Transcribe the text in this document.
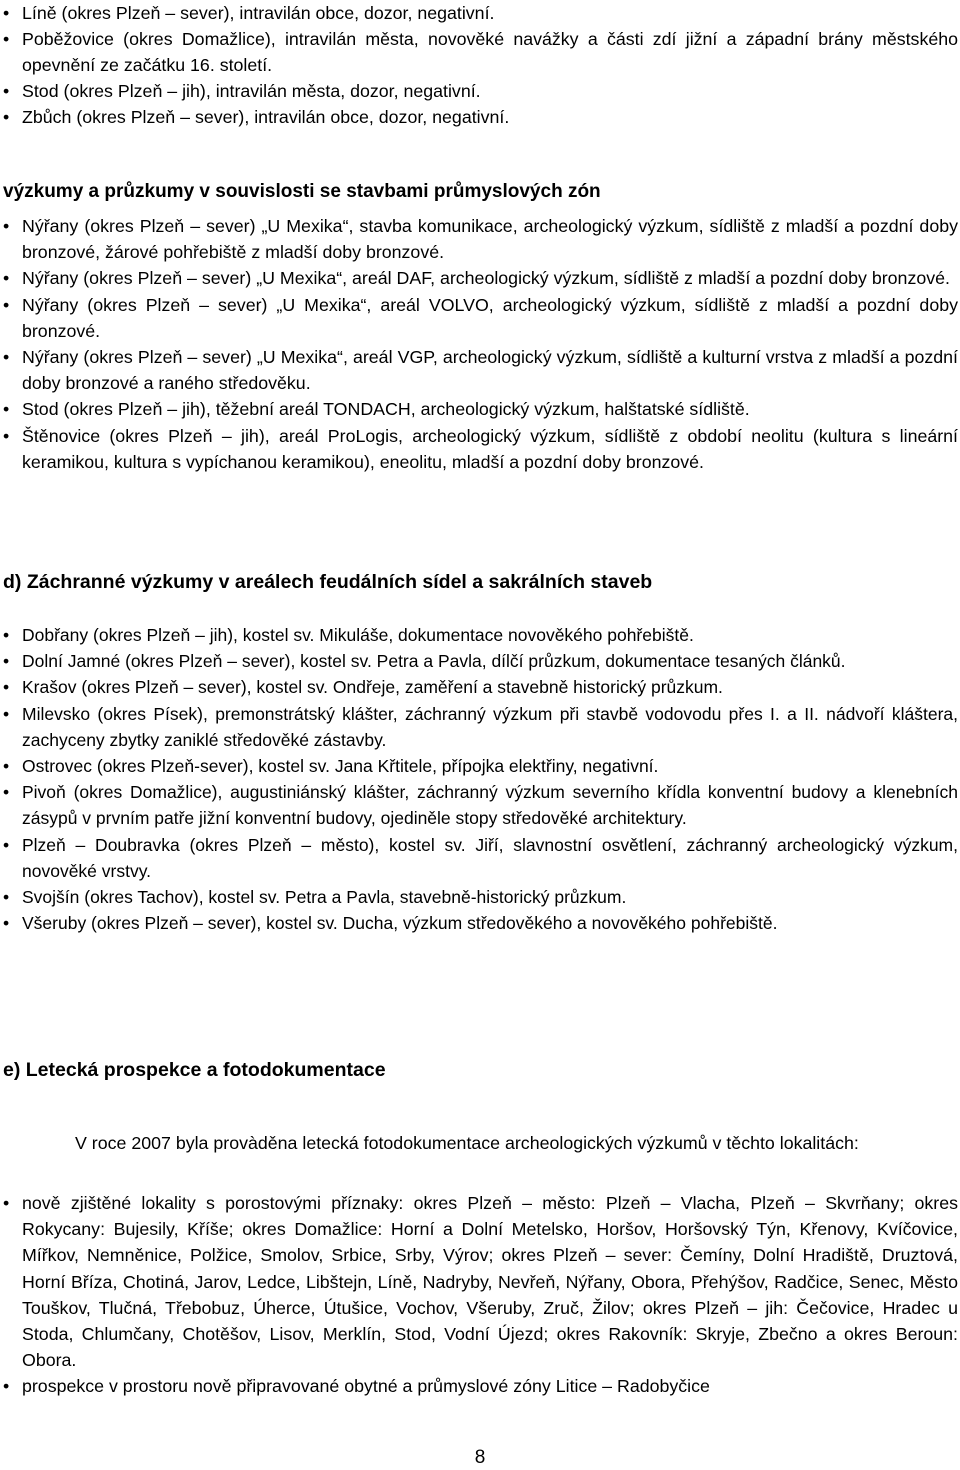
• Líně (okres Plzeň – sever), intravilán obce, dozor, negativní.
• Poběžovice (okres Domažlice), intravilán města, novověké navážky a části zdí jižní a západní brány městského opevnění ze začátku 16. století.
• Stod (okres Plzeň – jih), intravilán města, dozor, negativní.
• Zbůch (okres Plzeň – sever), intravilán obce, dozor, negativní.
výzkumy a průzkumy v souvislosti se stavbami průmyslových zón
• Nýřany (okres Plzeň – sever) „U Mexika“, stavba komunikace, archeologický výzkum, sídliště z mladší a pozdní doby bronzové, žárové pohřebiště z mladší doby bronzové.
• Nýřany (okres Plzeň – sever) „U Mexika“, areál DAF, archeologický výzkum, sídliště z mladší a pozdní doby bronzové.
• Nýřany (okres Plzeň – sever) „U Mexika“, areál VOLVO, archeologický výzkum, sídliště z mladší a pozdní doby bronzové.
• Nýřany (okres Plzeň – sever) „U Mexika“, areál VGP, archeologický výzkum, sídliště a kulturní vrstva z mladší a pozdní doby bronzové a raného středověku.
• Stod (okres Plzeň – jih), těžební areál TONDACH, archeologický výzkum, halštatské sídliště.
• Štěnovice (okres Plzeň – jih), areál ProLogis, archeologický výzkum, sídliště z období neolitu (kultura s lineární keramikou, kultura s vypíchanou keramikou), eneolitu, mladší a pozdní doby bronzové.
d) Záchranné výzkumy v areálech feudálních sídel a sakrálních staveb
• Dobřany (okres Plzeň – jih), kostel sv. Mikuláše, dokumentace novověkého pohřebiště.
• Dolní Jamné (okres Plzeň – sever), kostel sv. Petra a Pavla, dílčí průzkum, dokumentace tesaných článků.
• Krašov (okres Plzeň – sever), kostel sv. Ondřeje, zaměření a stavebně historický průzkum.
• Milevsko (okres Písek), premonstrátský klášter, záchranný výzkum při stavbě vodovodu přes I. a II. nádvoří kláštera, zachyceny zbytky zaniklé středověké zástavby.
• Ostrovec (okres Plzeň-sever), kostel sv. Jana Křtitele, přípojka elektřiny, negativní.
• Pivoň (okres Domažlice), augustiniánský klášter, záchranný výzkum severního křídla konventní budovy a klenebních zásypů v prvním patře jižní konventní budovy, ojediněle stopy středověké architektury.
• Plzeň – Doubravka (okres Plzeň – město), kostel sv. Jiří, slavnostní osvětlení, záchranný archeologický výzkum, novověké vrstvy.
• Svojšín (okres Tachov), kostel sv. Petra a Pavla, stavebně-historický průzkum.
• Všeruby (okres Plzeň – sever), kostel sv. Ducha, výzkum středověkého a novověkého pohřebiště.
e) Letecká prospekce a fotodokumentace

V roce 2007 byla provàděna letecká fotodokumentace archeologických výzkumů v těchto lokalitách:

• nově zjištěné lokality s porostovými příznaky: okres Plzeň – město: Plzeň – Vlacha, Plzeň – Skvrňany; okres Rokycany: Bujesily, Kříše; okres Domažlice: Horní a Dolní Metelsko, Horšov, Horšovský Týn, Křenovy, Kvíčovice, Mířkov, Nemněnice, Polžice, Smolov, Srbice, Srby, Výrov; okres Plzeň – sever: Čemíny, Dolní Hradiště, Druztová, Horní Bříza, Chotiná, Jarov, Ledce, Libštejn, Líně, Nadryby, Nevřeň, Nýřany, Obora, Přehýšov, Radčice, Senec, Město Touškov, Tlučná, Třebobuz, Úherce, Útušice, Vochov, Všeruby, Zruč, Žilov; okres Plzeň – jih: Čečovice, Hradec u Stoda, Chlumčany, Chotěšov, Lisov, Merklín, Stod, Vodní Újezd; okres Rakovník: Skryje, Zbečno a okres Beroun: Obora.
• prospekce v prostoru nově připravované obytné a průmyslové zóny Litice – Radobyčice
8
